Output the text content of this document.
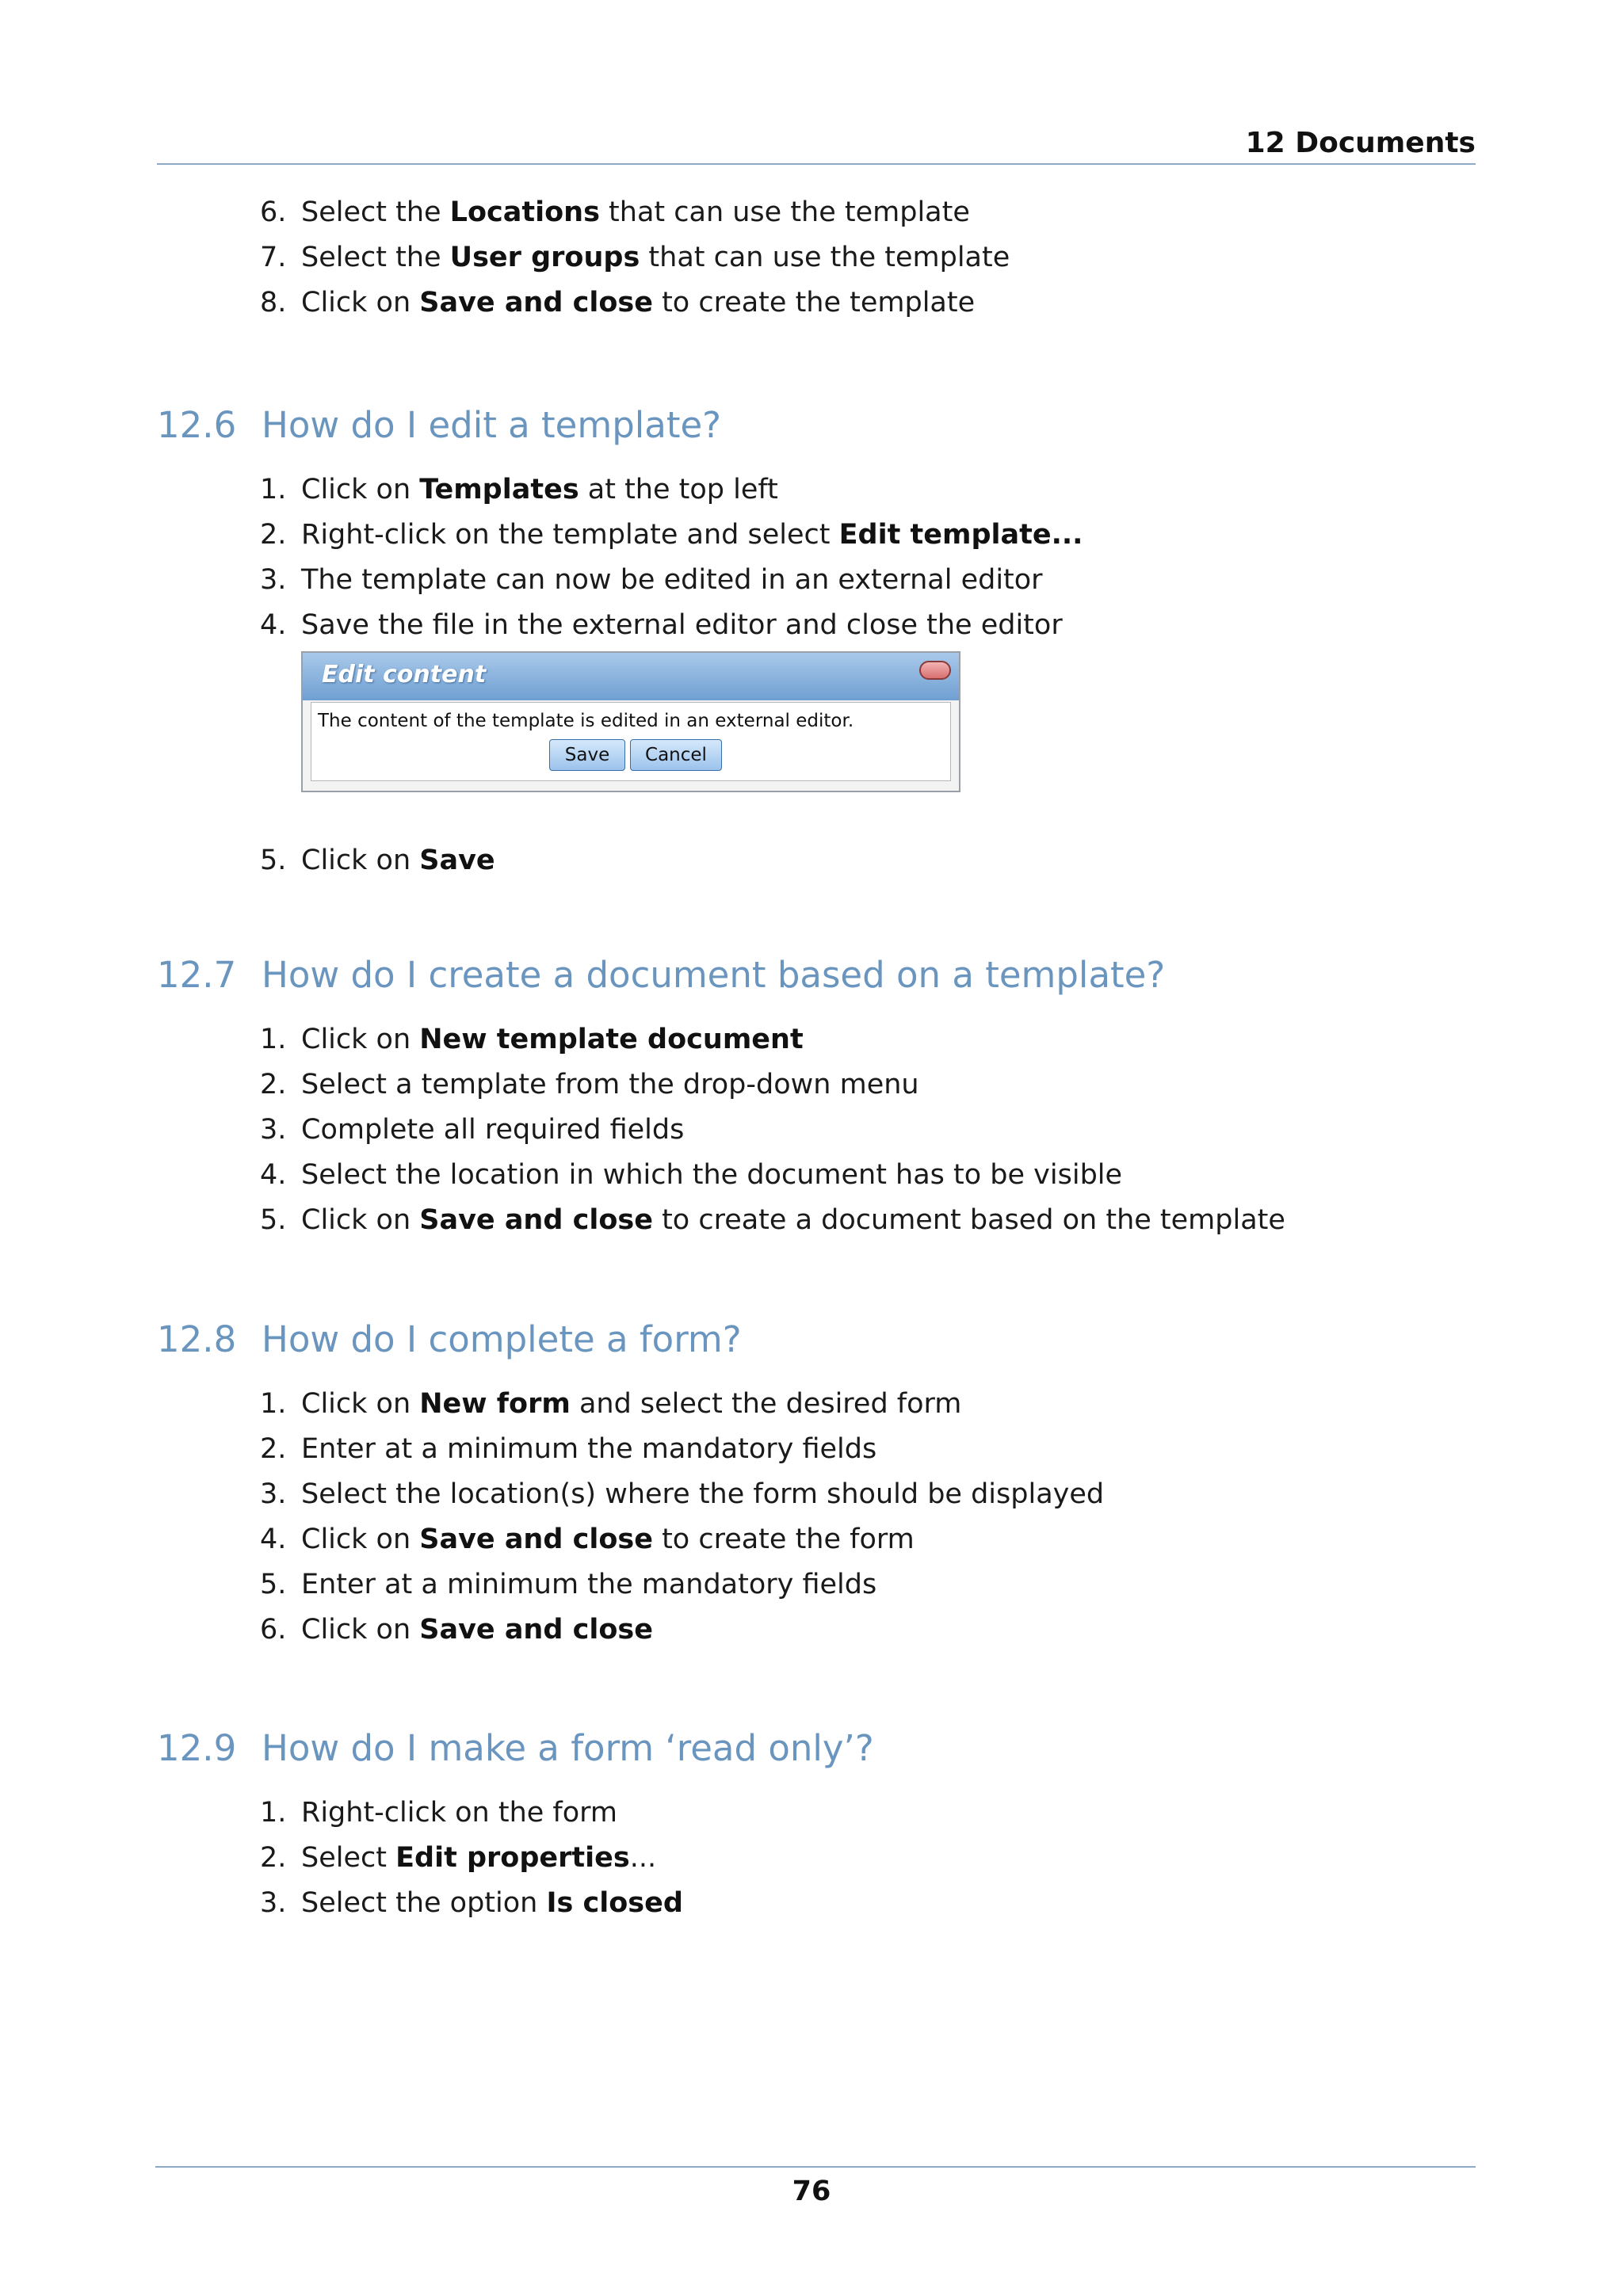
12 Documents
6. Select the Locations that can use the template
7. Select the User groups that can use the template
8. Click on Save and close to create the template
12.6 How do I edit a template?
1. Click on Templates at the top left
2. Right-click on the template and select Edit template...
3. The template can now be edited in an external editor
4. Save the file in the external editor and close the editor
Edit content
The content of the template is edited in an external editor.
Save Cancel
5. Click on Save
12.7 How do I create a document based on a template?
1. Click on New template document
2. Select a template from the drop-down menu
3. Complete all required fields
4. Select the location in which the document has to be visible
5. Click on Save and close to create a document based on the template
12.8 How do I complete a form?
1. Click on New form and select the desired form
2. Enter at a minimum the mandatory fields
3. Select the location(s) where the form should be displayed
4. Click on Save and close to create the form
5. Enter at a minimum the mandatory fields
6. Click on Save and close
12.9 How do I make a form ‘read only’?
1. Right-click on the form
2. Select Edit properties...
3. Select the option Is closed
76
